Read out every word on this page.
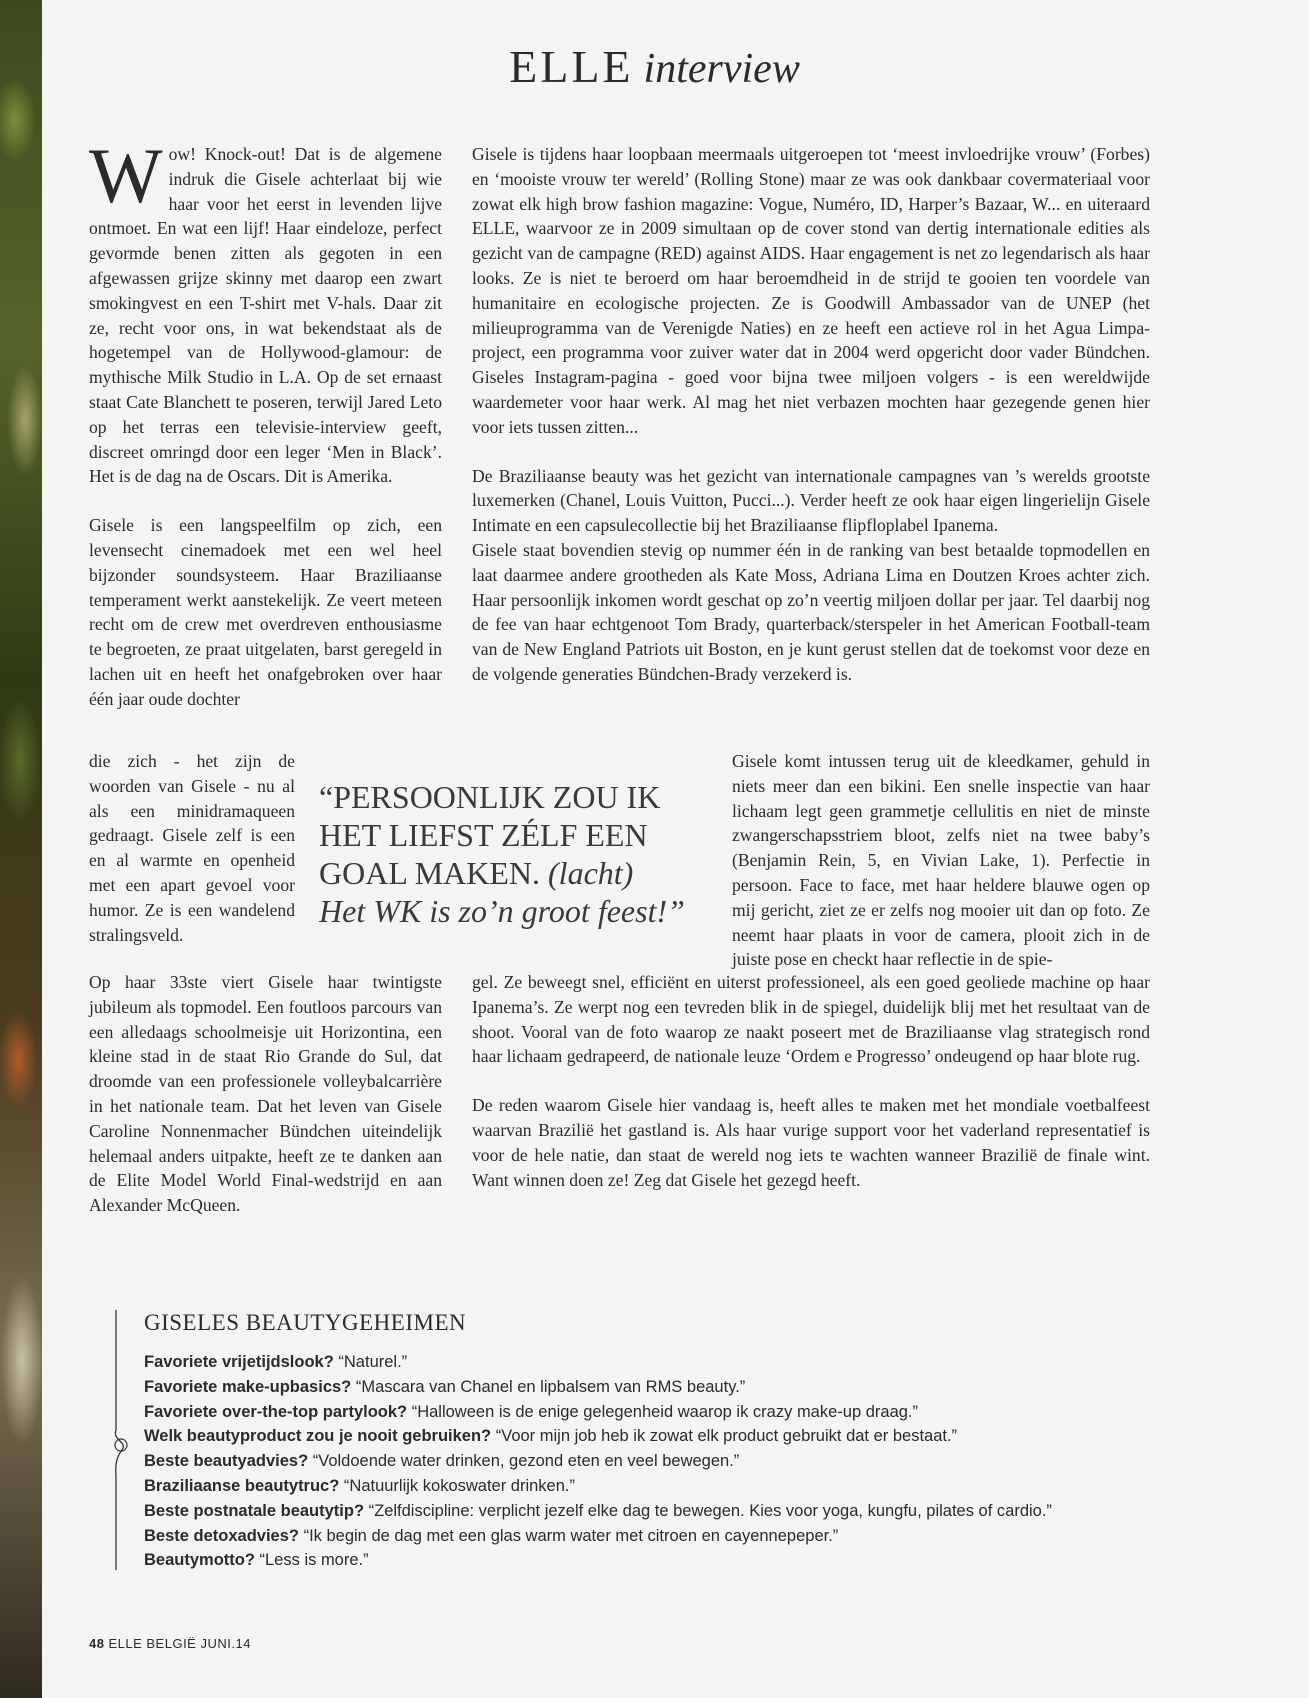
ELLE interview

Wow! Knock-out! Dat is de algemene indruk die Gisele achterlaat bij wie haar voor het eerst in levenden lijve ontmoet. En wat een lijf! Haar eindeloze, perfect gevormde benen zitten als gegoten in een afgewassen grijze skinny met daarop een zwart smokingvest en een T-shirt met V-hals. Daar zit ze, recht voor ons, in wat bekendstaat als de hogetempel van de Hollywood-glamour: de mythische Milk Studio in L.A. Op de set ernaast staat Cate Blanchett te poseren, terwijl Jared Leto op het terras een televisie-interview geeft, discreet omringd door een leger ‘Men in Black’. Het is de dag na de Oscars. Dit is Amerika.

Gisele is een langspeelfilm op zich, een levensecht cinemadoek met een wel heel bijzonder soundsysteem. Haar Braziliaanse temperament werkt aanstekelijk. Ze veert meteen recht om de crew met overdreven enthousiasme te begroeten, ze praat uitgelaten, barst geregeld in lachen uit en heeft het onafgebroken over haar één jaar oude dochter

Gisele is tijdens haar loopbaan meermaals uitgeroepen tot ‘meest invloedrijke vrouw’ (Forbes) en ‘mooiste vrouw ter wereld’ (Rolling Stone) maar ze was ook dankbaar covermateriaal voor zowat elk high brow fashion magazine: Vogue, Numéro, ID, Harper’s Bazaar, W... en uiteraard ELLE, waarvoor ze in 2009 simultaan op de cover stond van dertig internationale edities als gezicht van de campagne (RED) against AIDS. Haar engagement is net zo legendarisch als haar looks. Ze is niet te beroerd om haar beroemdheid in de strijd te gooien ten voordele van humanitaire en ecologische projecten. Ze is Goodwill Ambassador van de UNEP (het milieuprogramma van de Verenigde Naties) en ze heeft een actieve rol in het Agua Limpa-project, een programma voor zuiver water dat in 2004 werd opgericht door vader Bündchen. Giseles Instagram-pagina - goed voor bijna twee miljoen volgers - is een wereldwijde waardemeter voor haar werk. Al mag het niet verbazen mochten haar gezegende genen hier voor iets tussen zitten...

De Braziliaanse beauty was het gezicht van internationale campagnes van ’s werelds grootste luxemerken (Chanel, Louis Vuitton, Pucci...). Verder heeft ze ook haar eigen lingerielijn Gisele Intimate en een capsulecollectie bij het Braziliaanse flipfloplabel Ipanema.

Gisele staat bovendien stevig op nummer één in de ranking van best betaalde topmodellen en laat daarmee andere grootheden als Kate Moss, Adriana Lima en Doutzen Kroes achter zich. Haar persoonlijk inkomen wordt geschat op zo’n veertig miljoen dollar per jaar. Tel daarbij nog de fee van haar echtgenoot Tom Brady, quarterback/sterspeler in het American Football-team van de New England Patriots uit Boston, en je kunt gerust stellen dat de toekomst voor deze en de volgende generaties Bündchen-Brady verzekerd is.

die zich - het zijn de woorden van Gisele - nu al als een minidramaqueen gedraagt. Gisele zelf is een en al warmte en openheid met een apart gevoel voor humor. Ze is een wandelend stralingsveld.

“PERSOONLIJK ZOU IK HET LIEFST ZÉLF EEN GOAL MAKEN. (lacht)
Het WK is zo’n groot feest!”

Gisele komt intussen terug uit de kleedkamer, gehuld in niets meer dan een bikini. Een snelle inspectie van haar lichaam legt geen grammetje cellulitis en niet de minste zwangerschapsstriem bloot, zelfs niet na twee baby’s (Benjamin Rein, 5, en Vivian Lake, 1). Perfectie in persoon. Face to face, met haar heldere blauwe ogen op mij gericht, ziet ze er zelfs nog mooier uit dan op foto. Ze neemt haar plaats in voor de camera, plooit zich in de juiste pose en checkt haar reflectie in de spie-

Op haar 33ste viert Gisele haar twintigste jubileum als topmodel. Een foutloos parcours van een alledaags schoolmeisje uit Horizontina, een kleine stad in de staat Rio Grande do Sul, dat droomde van een professionele volleybalcarrière in het nationale team. Dat het leven van Gisele Caroline Nonnenmacher Bündchen uiteindelijk helemaal anders uitpakte, heeft ze te danken aan de Elite Model World Final-wedstrijd en aan Alexander McQueen.

gel. Ze beweegt snel, efficiënt en uiterst professioneel, als een goed geoliede machine op haar Ipanema’s. Ze werpt nog een tevreden blik in de spiegel, duidelijk blij met het resultaat van de shoot. Vooral van de foto waarop ze naakt poseert met de Braziliaanse vlag strategisch rond haar lichaam gedrapeerd, de nationale leuze ‘Ordem e Progresso’ ondeugend op haar blote rug.

De reden waarom Gisele hier vandaag is, heeft alles te maken met het mondiale voetbalfeest waarvan Brazilië het gastland is. Als haar vurige support voor het vaderland representatief is voor de hele natie, dan staat de wereld nog iets te wachten wanneer Brazilië de finale wint. Want winnen doen ze! Zeg dat Gisele het gezegd heeft.

GISELES BEAUTYGEHEIMEN
Favoriete vrijetijdslook? “Naturel.”
Favoriete make-upbasics? “Mascara van Chanel en lipbalsem van RMS beauty.”
Favoriete over-the-top partylook? “Halloween is de enige gelegenheid waarop ik crazy make-up draag.”
Welk beautyproduct zou je nooit gebruiken? “Voor mijn job heb ik zowat elk product gebruikt dat er bestaat.”
Beste beautyadvies? “Voldoende water drinken, gezond eten en veel bewegen.”
Braziliaanse beautytruc? “Natuurlijk kokoswater drinken.”
Beste postnatale beautytip? “Zelfdiscipline: verplicht jezelf elke dag te bewegen. Kies voor yoga, kungfu, pilates of cardio.”
Beste detoxadvies? “Ik begin de dag met een glas warm water met citroen en cayennepeper.”
Beautymotto? “Less is more.”
48 ELLE BELGIË JUNI.14
